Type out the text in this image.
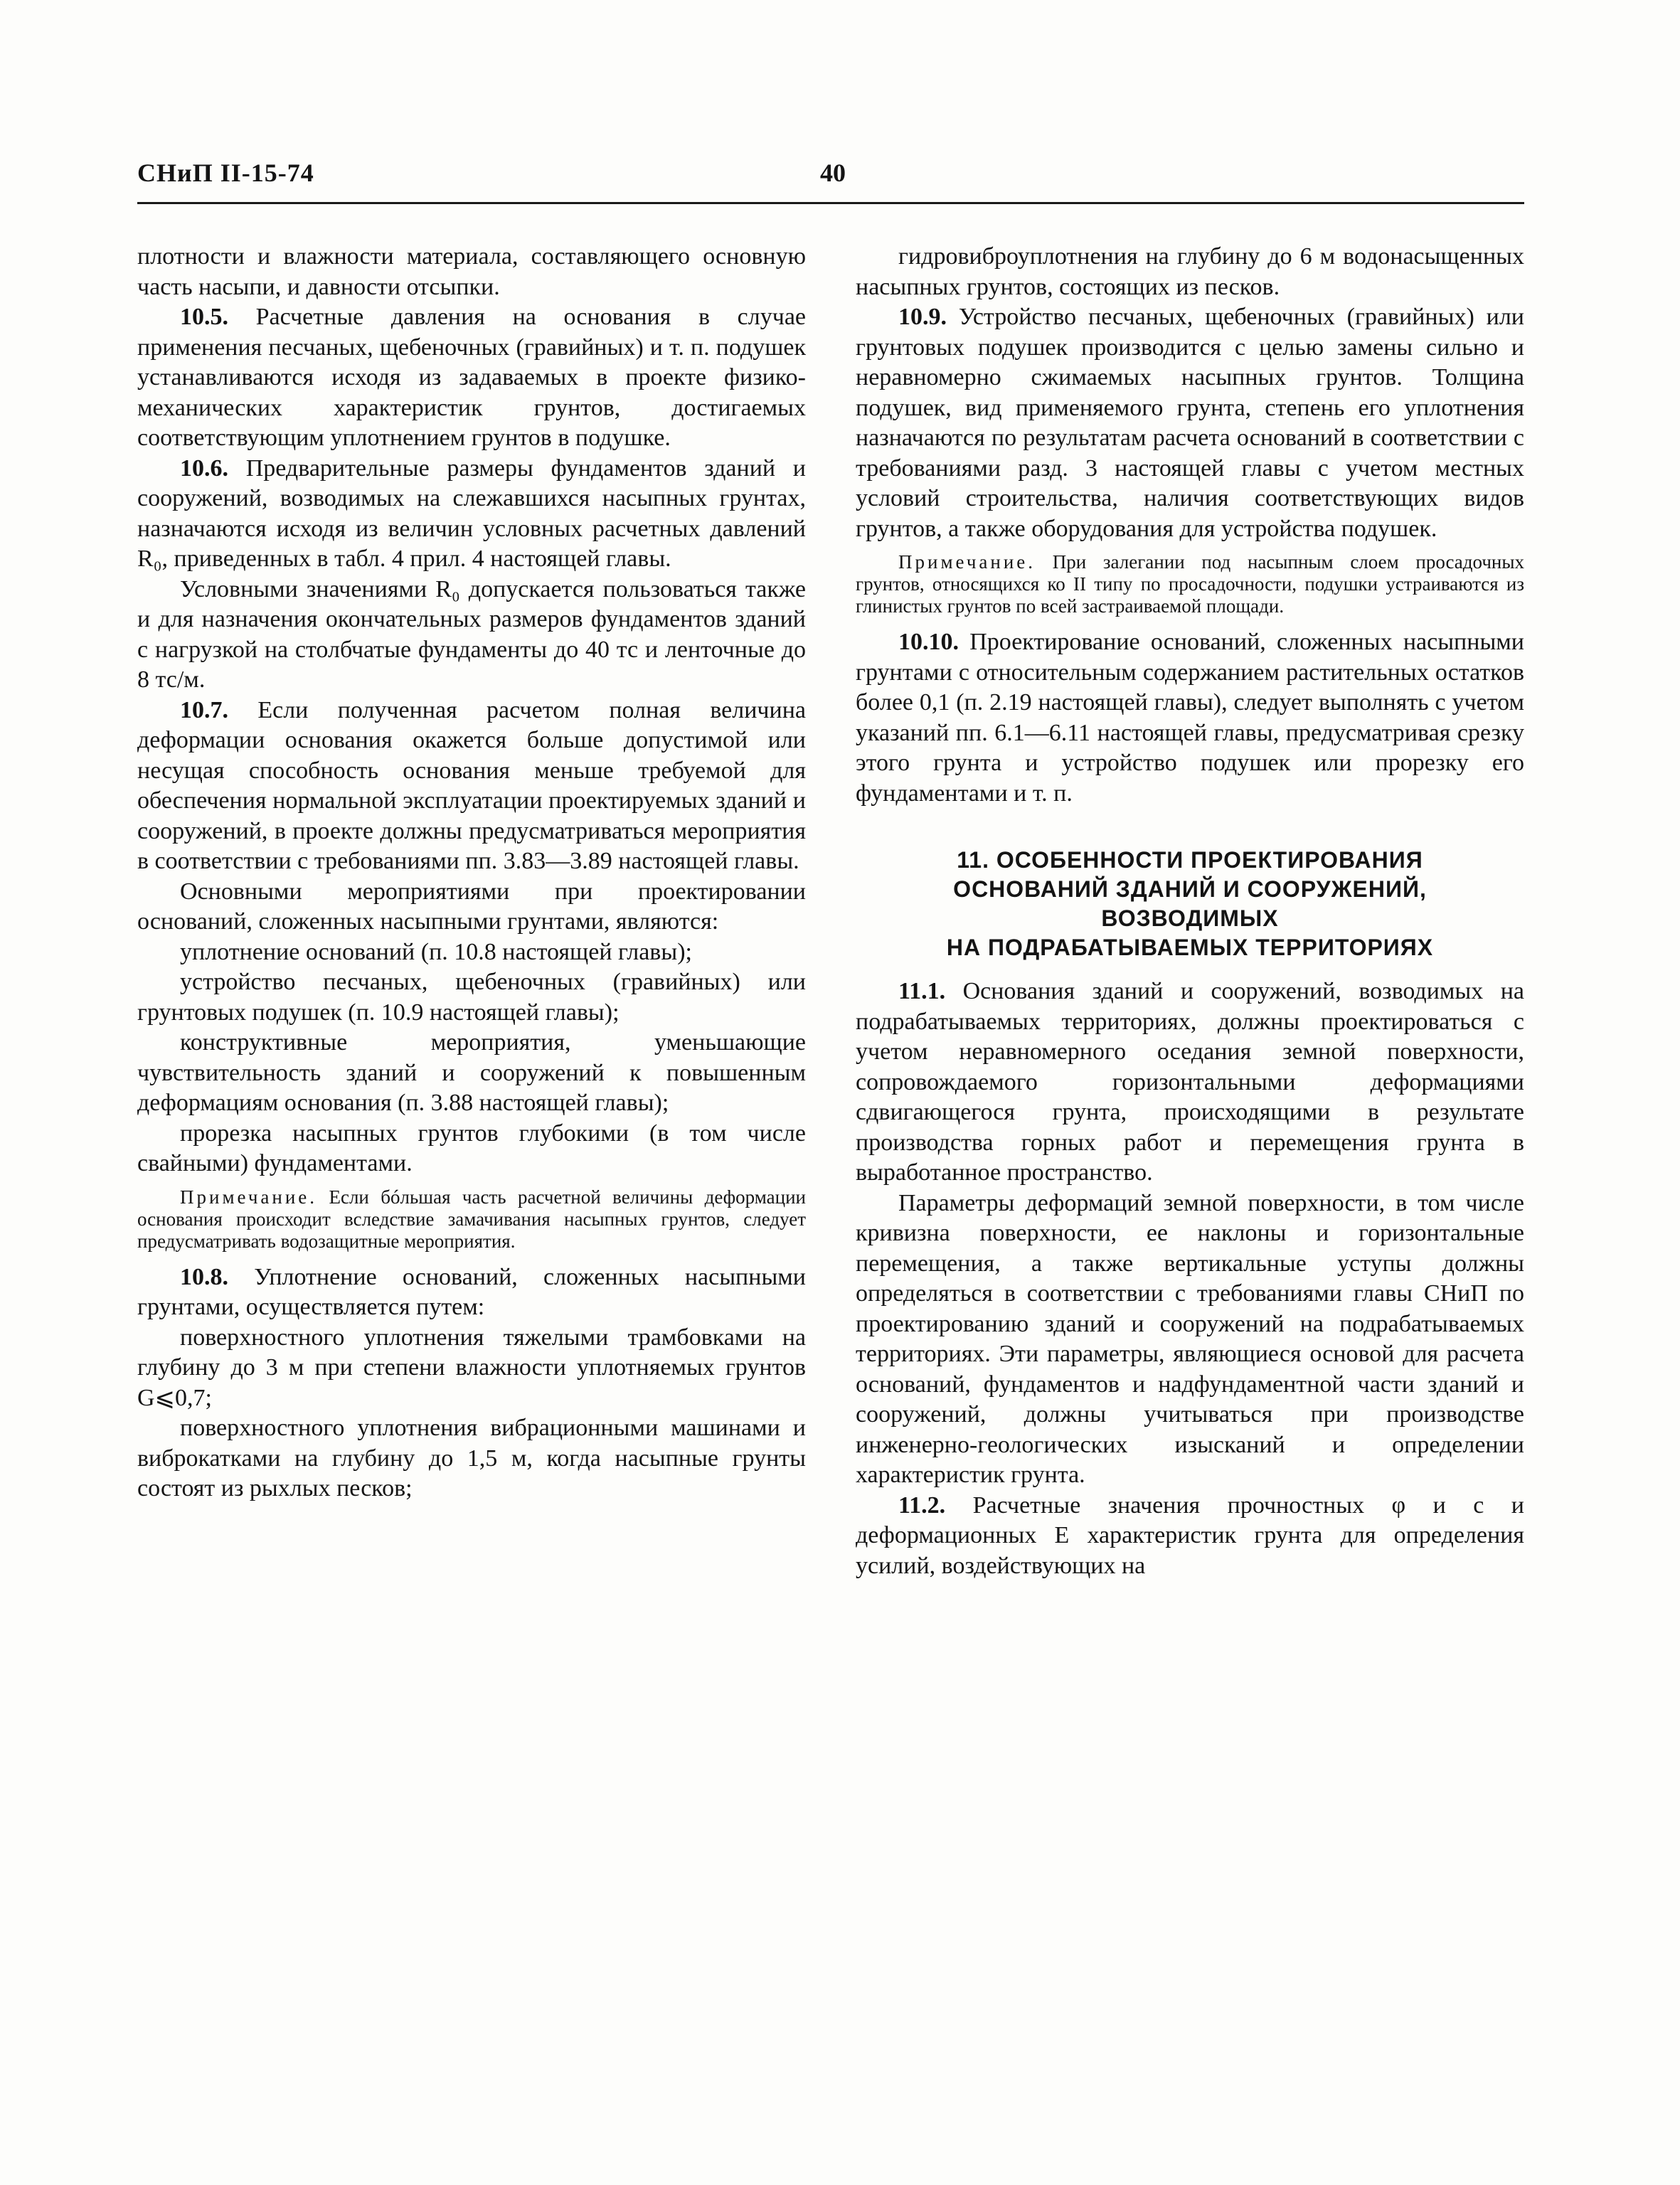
СНиП II-15-74	40

плотности и влажности материала, составляющего основную часть насыпи, и давности отсыпки.

10.5. Расчетные давления на основания в случае применения песчаных, щебеночных (гравийных) и т. п. подушек устанавливаются исходя из задаваемых в проекте физико-механических характеристик грунтов, достигаемых соответствующим уплотнением грунтов в подушке.

10.6. Предварительные размеры фундаментов зданий и сооружений, возводимых на слежавшихся насыпных грунтах, назначаются исходя из величин условных расчетных давлений R₀, приведенных в табл. 4 прил. 4 настоящей главы.

Условными значениями R₀ допускается пользоваться также и для назначения окончательных размеров фундаментов зданий с нагрузкой на столбчатые фундаменты до 40 тс и ленточные до 8 тс/м.

10.7. Если полученная расчетом полная величина деформации основания окажется больше допустимой или несущая способность основания меньше требуемой для обеспечения нормальной эксплуатации проектируемых зданий и сооружений, в проекте должны предусматриваться мероприятия в соответствии с требованиями пп. 3.83—3.89 настоящей главы.

Основными мероприятиями при проектировании оснований, сложенных насыпными грунтами, являются:

уплотнение оснований (п. 10.8 настоящей главы);

устройство песчаных, щебеночных (гравийных) или грунтовых подушек (п. 10.9 настоящей главы);

конструктивные мероприятия, уменьшающие чувствительность зданий и сооружений к повышенным деформациям основания (п. 3.88 настоящей главы);

прорезка насыпных грунтов глубокими (в том числе свайными) фундаментами.

Примечание. Если бóльшая часть расчетной величины деформации основания происходит вследствие замачивания насыпных грунтов, следует предусматривать водозащитные мероприятия.

10.8. Уплотнение оснований, сложенных насыпными грунтами, осуществляется путем:

поверхностного уплотнения тяжелыми трамбовками на глубину до 3 м при степени влажности уплотняемых грунтов G⩽0,7;

поверхностного уплотнения вибрационными машинами и виброкатками на глубину до 1,5 м, когда насыпные грунты состоят из рыхлых песков;

гидровиброуплотнения на глубину до 6 м водонасыщенных насыпных грунтов, состоящих из песков.

10.9. Устройство песчаных, щебеночных (гравийных) или грунтовых подушек производится с целью замены сильно и неравномерно сжимаемых насыпных грунтов. Толщина подушек, вид применяемого грунта, степень его уплотнения назначаются по результатам расчета оснований в соответствии с требованиями разд. 3 настоящей главы с учетом местных условий строительства, наличия соответствующих видов грунтов, а также оборудования для устройства подушек.

Примечание. При залегании под насыпным слоем просадочных грунтов, относящихся ко II типу по просадочности, подушки устраиваются из глинистых грунтов по всей застраиваемой площади.

10.10. Проектирование оснований, сложенных насыпными грунтами с относительным содержанием растительных остатков более 0,1 (п. 2.19 настоящей главы), следует выполнять с учетом указаний пп. 6.1—6.11 настоящей главы, предусматривая срезку этого грунта и устройство подушек или прорезку его фундаментами и т. п.

11. ОСОБЕННОСТИ ПРОЕКТИРОВАНИЯ
ОСНОВАНИЙ ЗДАНИЙ И СООРУЖЕНИЙ,
ВОЗВОДИМЫХ
НА ПОДРАБАТЫВАЕМЫХ ТЕРРИТОРИЯХ

11.1. Основания зданий и сооружений, возводимых на подрабатываемых территориях, должны проектироваться с учетом неравномерного оседания земной поверхности, сопровождаемого горизонтальными деформациями сдвигающегося грунта, происходящими в результате производства горных работ и перемещения грунта в выработанное пространство.

Параметры деформаций земной поверхности, в том числе кривизна поверхности, ее наклоны и горизонтальные перемещения, а также вертикальные уступы должны определяться в соответствии с требованиями главы СНиП по проектированию зданий и сооружений на подрабатываемых территориях. Эти параметры, являющиеся основой для расчета оснований, фундаментов и надфундаментной части зданий и сооружений, должны учитываться при производстве инженерно-геологических изысканий и определении характеристик грунта.

11.2. Расчетные значения прочностных φ и c и деформационных E характеристик грунта для определения усилий, воздействующих на
